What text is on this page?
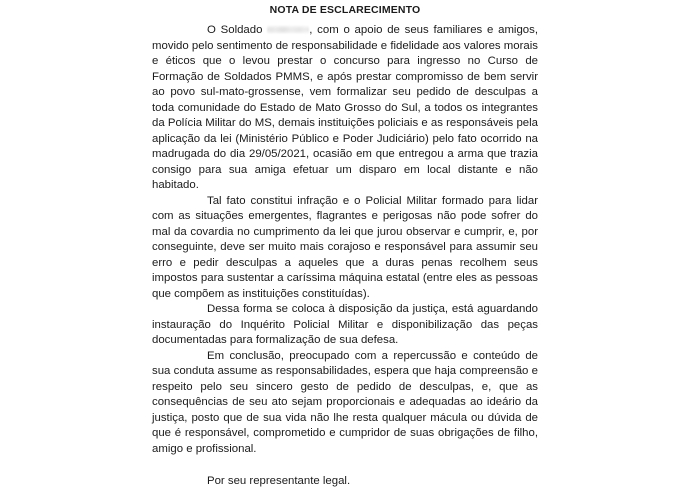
NOTA DE ESCLARECIMENTO

O Soldado	, com o apoio de seus familiares e amigos, movido pelo sentimento de responsabilidade e fidelidade aos valores morais e éticos que o levou prestar o concurso para ingresso no Curso de Formação de Soldados PMMS, e após prestar compromisso de bem servir ao povo sul-mato-grossense, vem formalizar seu pedido de desculpas a toda comunidade do Estado de Mato Grosso do Sul, a todos os integrantes da Polícia Militar do MS, demais instituições policiais e as responsáveis pela aplicação da lei (Ministério Público e Poder Judiciário) pelo fato ocorrido na madrugada do dia 29/05/2021, ocasião em que entregou a arma que trazia consigo para sua amiga efetuar um disparo em local distante e não habitado.

Tal fato constitui infração e o Policial Militar formado para lidar com as situações emergentes, flagrantes e perigosas não pode sofrer do mal da covardia no cumprimento da lei que jurou observar e cumprir, e, por conseguinte, deve ser muito mais corajoso e responsável para assumir seu erro e pedir desculpas a aqueles que a duras penas recolhem seus impostos para sustentar a caríssima máquina estatal (entre eles as pessoas que compõem as instituições constituídas).

Dessa forma se coloca à disposição da justiça, está aguardando instauração do Inquérito Policial Militar e disponibilização das peças documentadas para formalização de sua defesa.

Em conclusão, preocupado com a repercussão e conteúdo de sua conduta assume as responsabilidades, espera que haja compreensão e respeito pelo seu sincero gesto de pedido de desculpas, e, que as consequências de seu ato sejam proporcionais e adequadas ao ideário da justiça, posto que de sua vida não lhe resta qualquer mácula ou dúvida de que é responsável, comprometido e cumpridor de suas obrigações de filho, amigo e profissional.

Por seu representante legal.
